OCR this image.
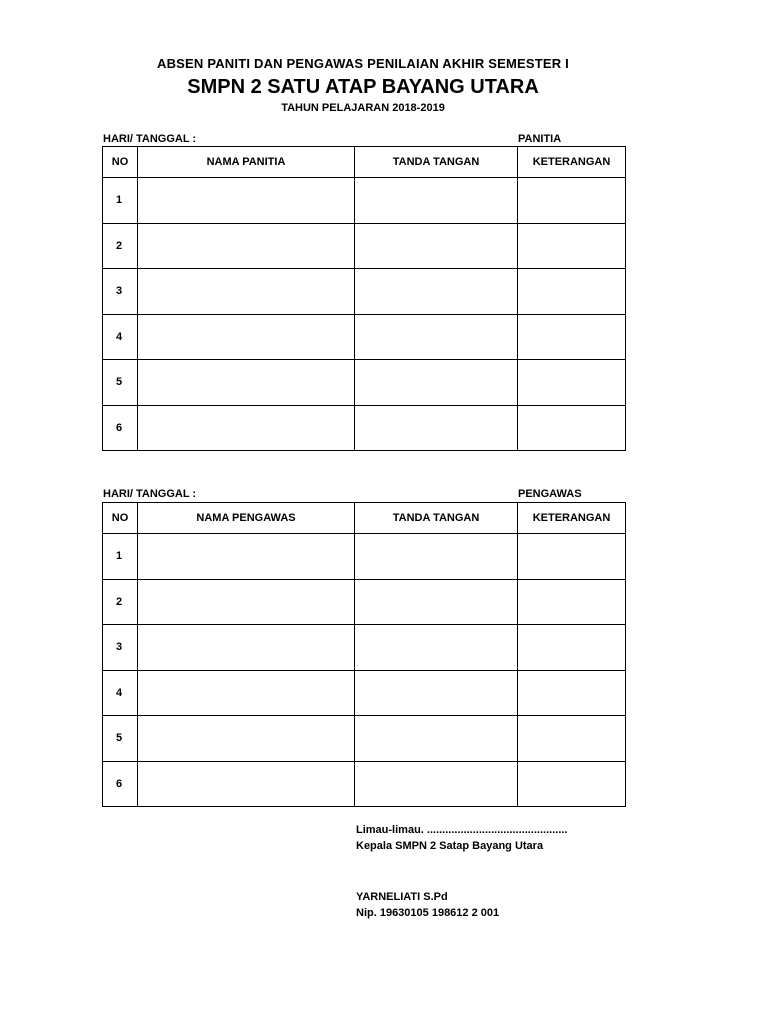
ABSEN PANITI DAN PENGAWAS PENILAIAN AKHIR SEMESTER I
SMPN 2 SATU ATAP BAYANG UTARA
TAHUN PELAJARAN 2018-2019
HARI/ TANGGAL :	PANITIA
NO	NAMA PANITIA	TANDA TANGAN	KETERANGAN
1			
2			
3			
4			
5			
6			
HARI/ TANGGAL :	PENGAWAS
NO	NAMA PENGAWAS	TANDA TANGAN	KETERANGAN
1			
2			
3			
4			
5			
6			
Limau-limau. ..............................................
Kepala SMPN 2 Satap Bayang Utara
YARNELIATI S.Pd
Nip. 19630105 198612 2 001
